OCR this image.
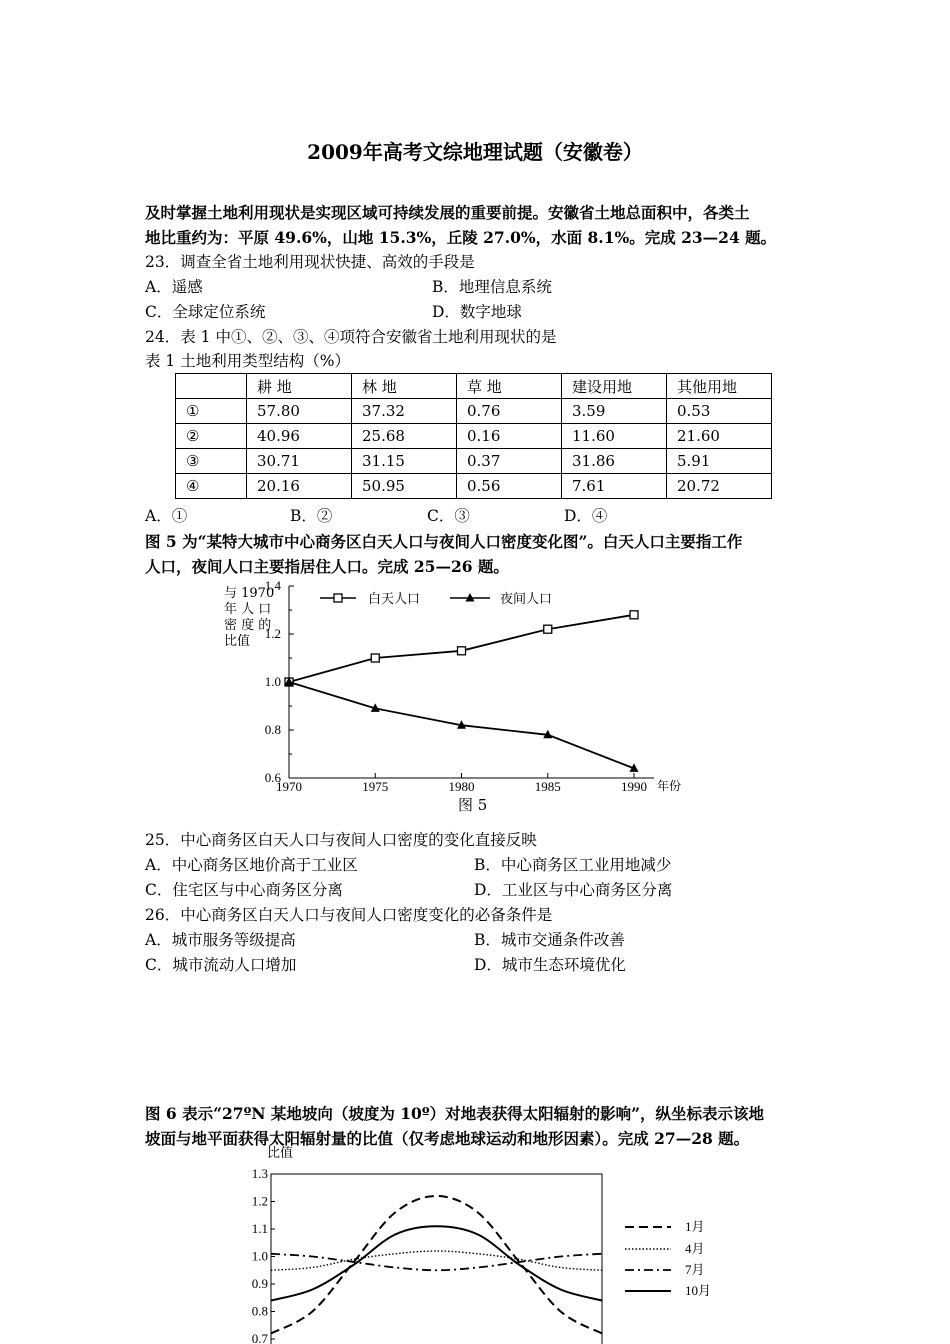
2009年高考文综地理试题（安徽卷）
及时掌握土地利用现状是实现区域可持续发展的重要前提。安徽省土地总面积中，各类土
地比重约为：平原 49.6%，山地 15.3%，丘陵 27.0%，水面 8.1%。完成 23—24 题。
23．调查全省土地利用现状快捷、高效的手段是
A．遥感	B．地理信息系统
C．全球定位系统	D．数字地球
24．表 1 中①、②、③、④项符合安徽省土地利用现状的是
表 1 土地利用类型结构（%）
	耕 地	林 地	草 地	建设用地	其他用地
①	57.80	37.32	0.76	3.59	0.53
②	40.96	25.68	0.16	11.60	21.60
③	30.71	31.15	0.37	31.86	5.91
④	20.16	50.95	0.56	7.61	20.72
A．①	B．②	C．③	D．④
图 5 为“某特大城市中心商务区白天人口与夜间人口密度变化图”。白天人口主要指工作
人口，夜间人口主要指居住人口。完成 25—26 题。
0.6
0.8
1.0
1.2
1.4
1970	1975	1980	1985	1990
白天人口	夜间人口
0.7
0.8
0.9
1.0
1.1
1.2
1.3
1月
4月
7月
10月
与 1970
年 人 口
密 度 的
比值
年份
图 5
25．中心商务区白天人口与夜间人口密度的变化直接反映
A．中心商务区地价高于工业区	B．中心商务区工业用地减少
C．住宅区与中心商务区分离	D．工业区与中心商务区分离
26．中心商务区白天人口与夜间人口密度变化的必备条件是
A．城市服务等级提高	B．城市交通条件改善
C．城市流动人口增加	D．城市生态环境优化
图 6 表示“27ºN 某地坡向（坡度为 10º）对地表获得太阳辐射的影响”，纵坐标表示该地
坡面与地平面获得太阳辐射量的比值（仅考虑地球运动和地形因素）。完成 27—28 题。
比值
